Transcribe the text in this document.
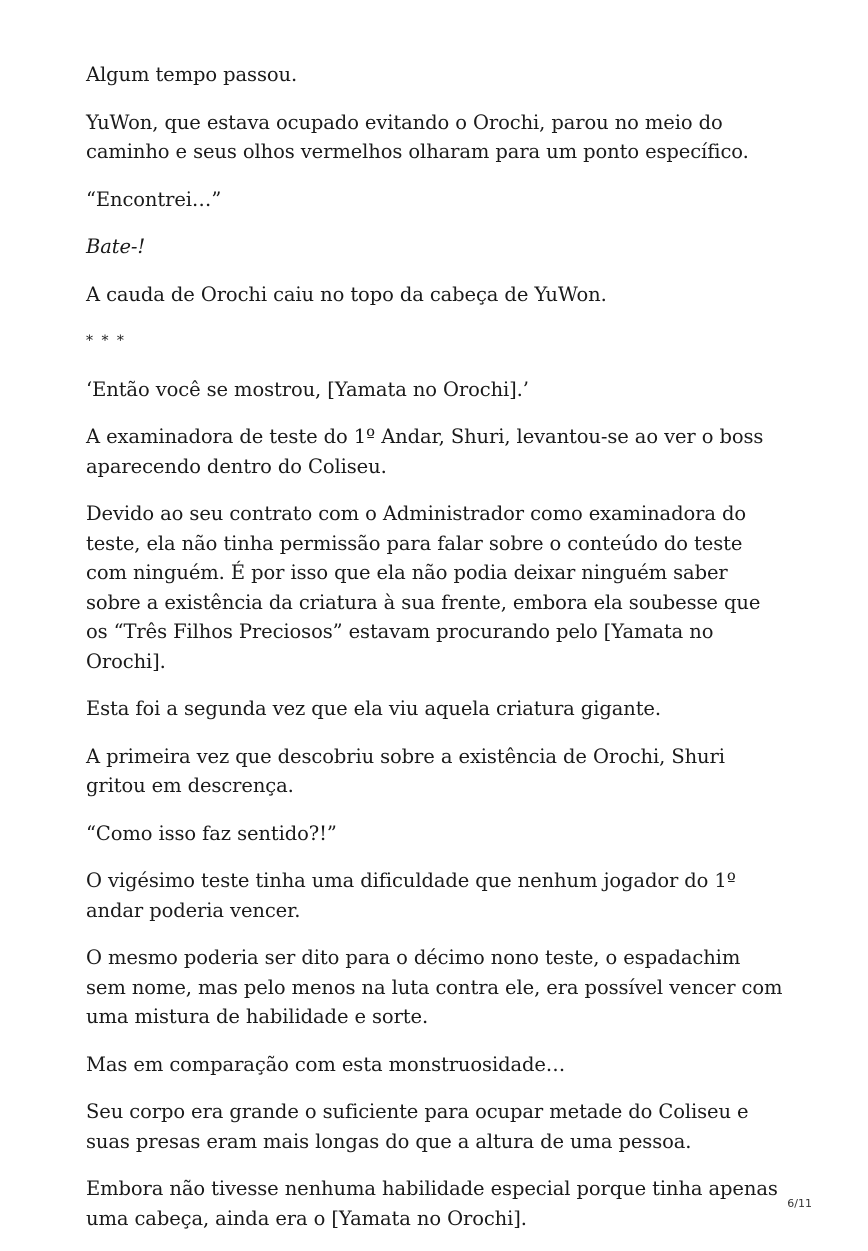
Algum tempo passou.

YuWon, que estava ocupado evitando o Orochi, parou no meio do caminho e seus olhos vermelhos olharam para um ponto específico.

“Encontrei…”

Bate-!

A cauda de Orochi caiu no topo da cabeça de YuWon.

* * *

‘Então você se mostrou, [Yamata no Orochi].’

A examinadora de teste do 1º Andar, Shuri, levantou-se ao ver o boss aparecendo dentro do Coliseu.

Devido ao seu contrato com o Administrador como examinadora do teste, ela não tinha permissão para falar sobre o conteúdo do teste com ninguém. É por isso que ela não podia deixar ninguém saber sobre a existência da criatura à sua frente, embora ela soubesse que os “Três Filhos Preciosos” estavam procurando pelo [Yamata no Orochi].

Esta foi a segunda vez que ela viu aquela criatura gigante.

A primeira vez que descobriu sobre a existência de Orochi, Shuri gritou em descrença.

“Como isso faz sentido?!”

O vigésimo teste tinha uma dificuldade que nenhum jogador do 1º andar poderia vencer.

O mesmo poderia ser dito para o décimo nono teste, o espadachim sem nome, mas pelo menos na luta contra ele, era possível vencer com uma mistura de habilidade e sorte.

Mas em comparação com esta monstruosidade…

Seu corpo era grande o suficiente para ocupar metade do Coliseu e suas presas eram mais longas do que a altura de uma pessoa.

Embora não tivesse nenhuma habilidade especial porque tinha apenas uma cabeça, ainda era o [Yamata no Orochi].

6/11
